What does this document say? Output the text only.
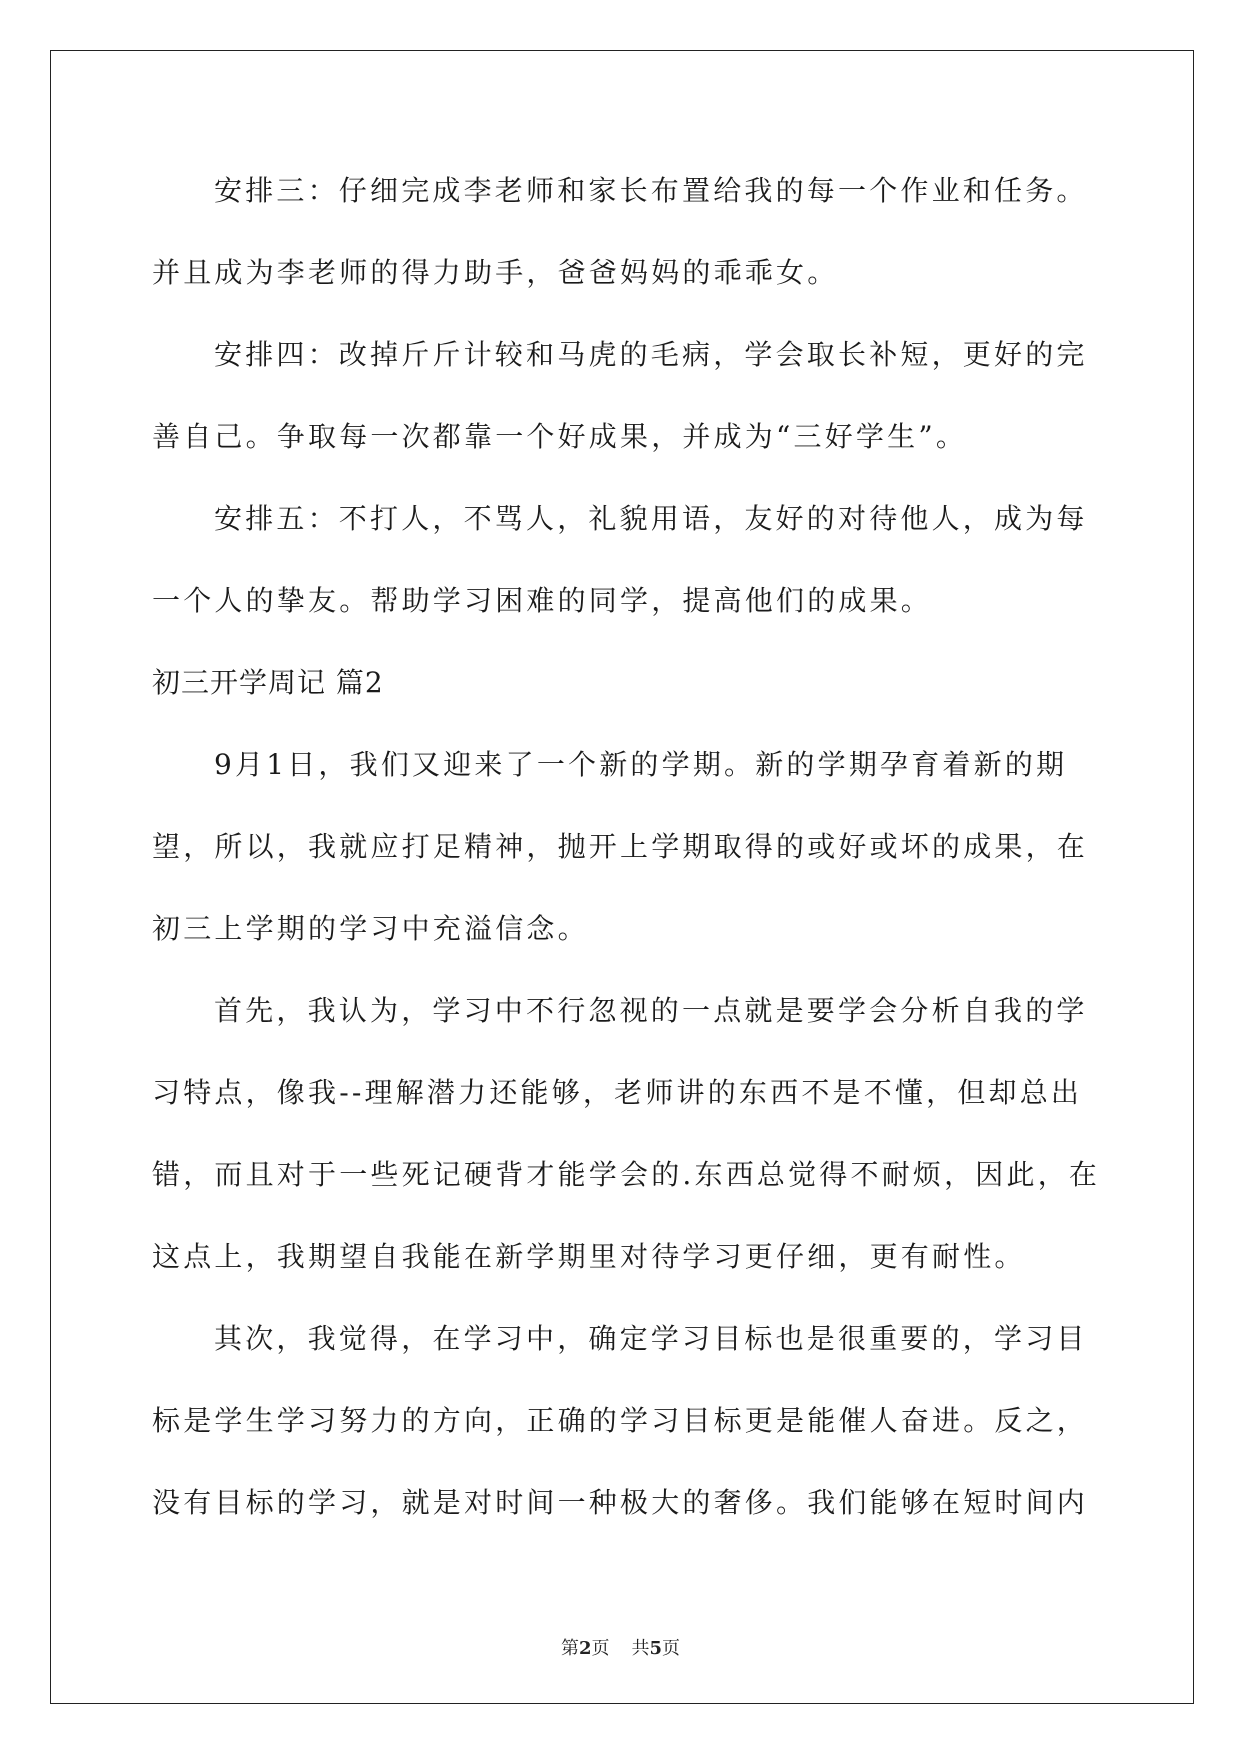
安排三：仔细完成李老师和家长布置给我的每一个作业和任务。
并且成为李老师的得力助手，爸爸妈妈的乖乖女。
安排四：改掉斤斤计较和马虎的毛病，学会取长补短，更好的完
善自己。争取每一次都靠一个好成果，并成为“三好学生”。
安排五：不打人，不骂人，礼貌用语，友好的对待他人，成为每
一个人的挚友。帮助学习困难的同学，提高他们的成果。
初三开学周记 篇2
9月1日，我们又迎来了一个新的学期。新的学期孕育着新的期
望，所以，我就应打足精神，抛开上学期取得的或好或坏的成果，在
初三上学期的学习中充溢信念。
首先，我认为，学习中不行忽视的一点就是要学会分析自我的学
习特点，像我--理解潜力还能够，老师讲的东西不是不懂，但却总出
错，而且对于一些死记硬背才能学会的.东西总觉得不耐烦，因此，在
这点上，我期望自我能在新学期里对待学习更仔细，更有耐性。
其次，我觉得，在学习中，确定学习目标也是很重要的，学习目
标是学生学习努力的方向，正确的学习目标更是能催人奋进。反之，
没有目标的学习，就是对时间一种极大的奢侈。我们能够在短时间内
第2页 共5页
